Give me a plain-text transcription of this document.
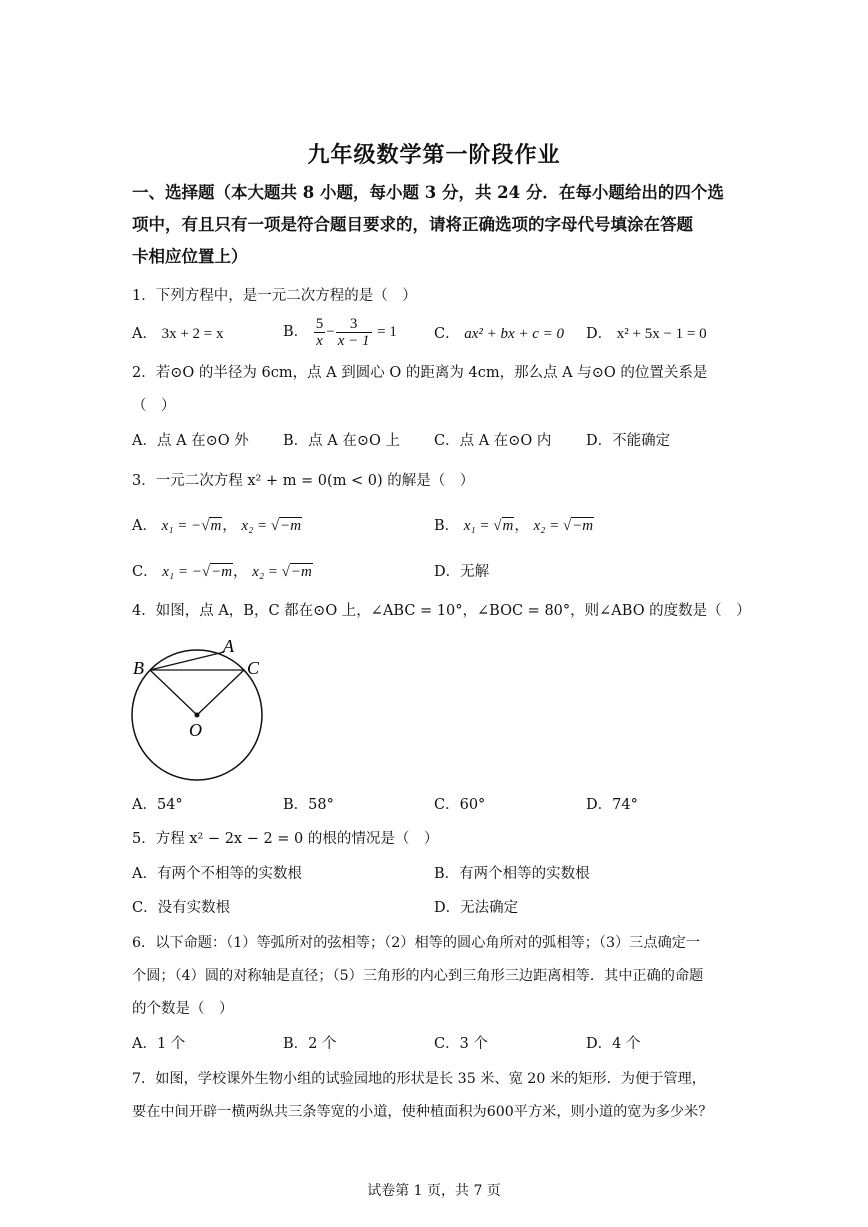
九年级数学第一阶段作业
一、选择题（本大题共 8 小题，每小题 3 分，共 24 分．在每小题给出的四个选
项中，有且只有一项是符合题目要求的，请将正确选项的字母代号填涂在答题
卡相应位置上）
1．下列方程中，是一元二次方程的是（　）
A． 3x + 2 = x	B． $\frac{5}{x} - \frac{3}{x - 1} = 1$	C． ax² + bx + c = 0 D． x² + 5x − 1 = 0
2．若⊙O 的半径为 6cm，点 A 到圆心 O 的距离为 4cm，那么点 A 与⊙O 的位置关系是
（　）
A．点 A 在⊙O 外 B．点 A 在⊙O 上 C．点 A 在⊙O 内 D．不能确定
3．一元二次方程 x² + m = 0(m < 0) 的解是（　）
A． x₁ = −√m， x₂ = √−m	B． x₁ = √m， x₂ = √−m
C． x₁ = −√−m， x₂ = √−m	D．无解
4．如图，点 A，B，C 都在⊙O 上，∠ABC = 10°，∠BOC = 80°，则∠ABO 的度数是（　）
A
B	C
O
A．54°	B．58°	C．60°	D．74°
5．方程 x² − 2x − 2 = 0 的根的情况是（　）
A．有两个不相等的实数根	B．有两个相等的实数根
C．没有实数根	D．无法确定
6．以下命题：（1）等弧所对的弦相等；（2）相等的圆心角所对的弧相等；（3）三点确定一
个圆；（4）圆的对称轴是直径；（5）三角形的内心到三角形三边距离相等．其中正确的命题
的个数是（　）
A．1 个	B．2 个	C．3 个	D．4 个
7．如图，学校课外生物小组的试验园地的形状是长 35 米、宽 20 米的矩形．为便于管理，
要在中间开辟一横两纵共三条等宽的小道，使种植面积为600平方米，则小道的宽为多少米？
试卷第 1 页，共 7 页
